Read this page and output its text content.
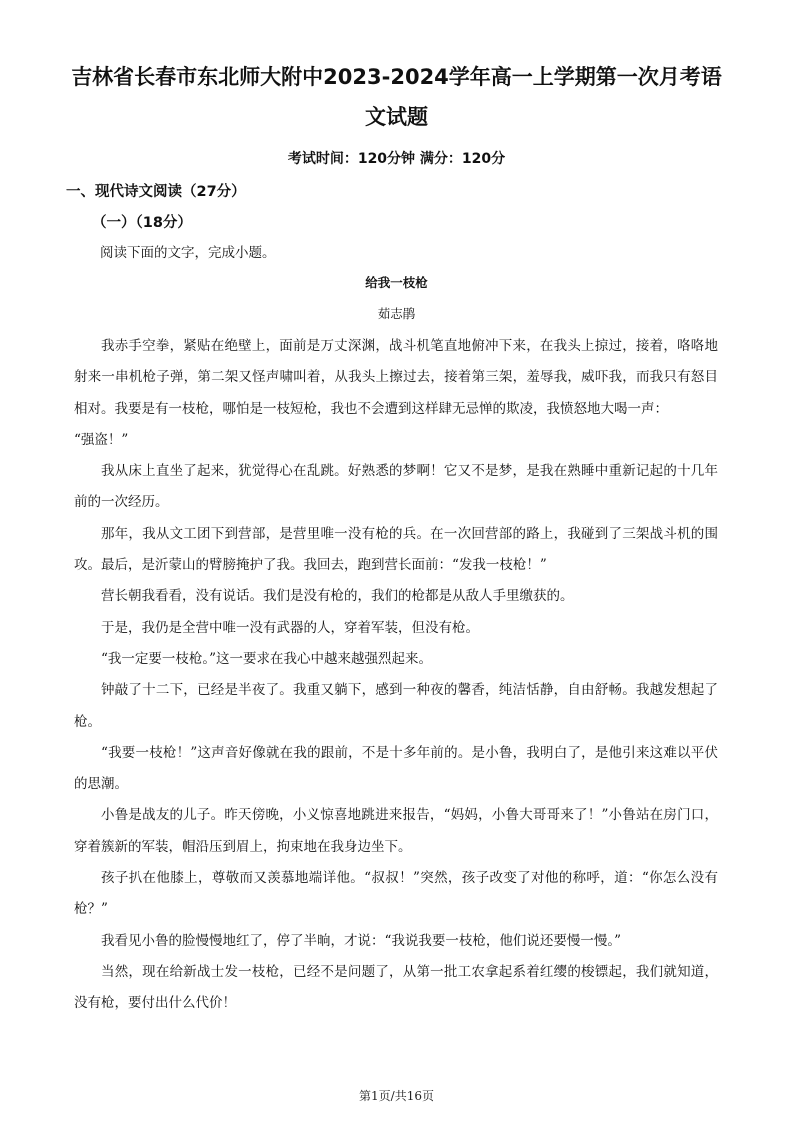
吉林省长春市东北师大附中2023-2024学年高一上学期第一次月考语
文试题
考试时间：120分钟 满分：120分
一、现代诗文阅读（27分）
（一）（18分）
阅读下面的文字，完成小题。
给我一枝枪
茹志鹃

我赤手空拳，紧贴在绝壁上，面前是万丈深渊，战斗机笔直地俯冲下来，在我头上掠过，接着，咯咯地射来一串机枪子弹，第二架又怪声啸叫着，从我头上擦过去，接着第三架，羞辱我，威吓我，而我只有怒目相对。我要是有一枝枪，哪怕是一枝短枪，我也不会遭到这样肆无忌惮的欺凌，我愤怒地大喝一声：

“强盗！”

我从床上直坐了起来，犹觉得心在乱跳。好熟悉的梦啊！它又不是梦，是我在熟睡中重新记起的十几年前的一次经历。

那年，我从文工团下到营部，是营里唯一没有枪的兵。在一次回营部的路上，我碰到了三架战斗机的围攻。最后，是沂蒙山的臂膀掩护了我。我回去，跑到营长面前：“发我一枝枪！”

营长朝我看看，没有说话。我们是没有枪的，我们的枪都是从敌人手里缴获的。

于是，我仍是全营中唯一没有武器的人，穿着军装，但没有枪。

“我一定要一枝枪。”这一要求在我心中越来越强烈起来。

钟敲了十二下，已经是半夜了。我重又躺下，感到一种夜的馨香，纯洁恬静，自由舒畅。我越发想起了枪。

“我要一枝枪！”这声音好像就在我的跟前，不是十多年前的。是小鲁，我明白了，是他引来这难以平伏的思潮。

小鲁是战友的儿子。昨天傍晚，小义惊喜地跳进来报告，“妈妈，小鲁大哥哥来了！”小鲁站在房门口，穿着簇新的军装，帽沿压到眉上，拘束地在我身边坐下。

孩子扒在他膝上，尊敬而又羡慕地端详他。“叔叔！”突然，孩子改变了对他的称呼，道：“你怎么没有枪？”

我看见小鲁的脸慢慢地红了，停了半晌，才说：“我说我要一枝枪，他们说还要慢一慢。”

当然，现在给新战士发一枝枪，已经不是问题了，从第一批工农拿起系着红缨的梭镖起，我们就知道，没有枪，要付出什么代价！

第1页/共16页
